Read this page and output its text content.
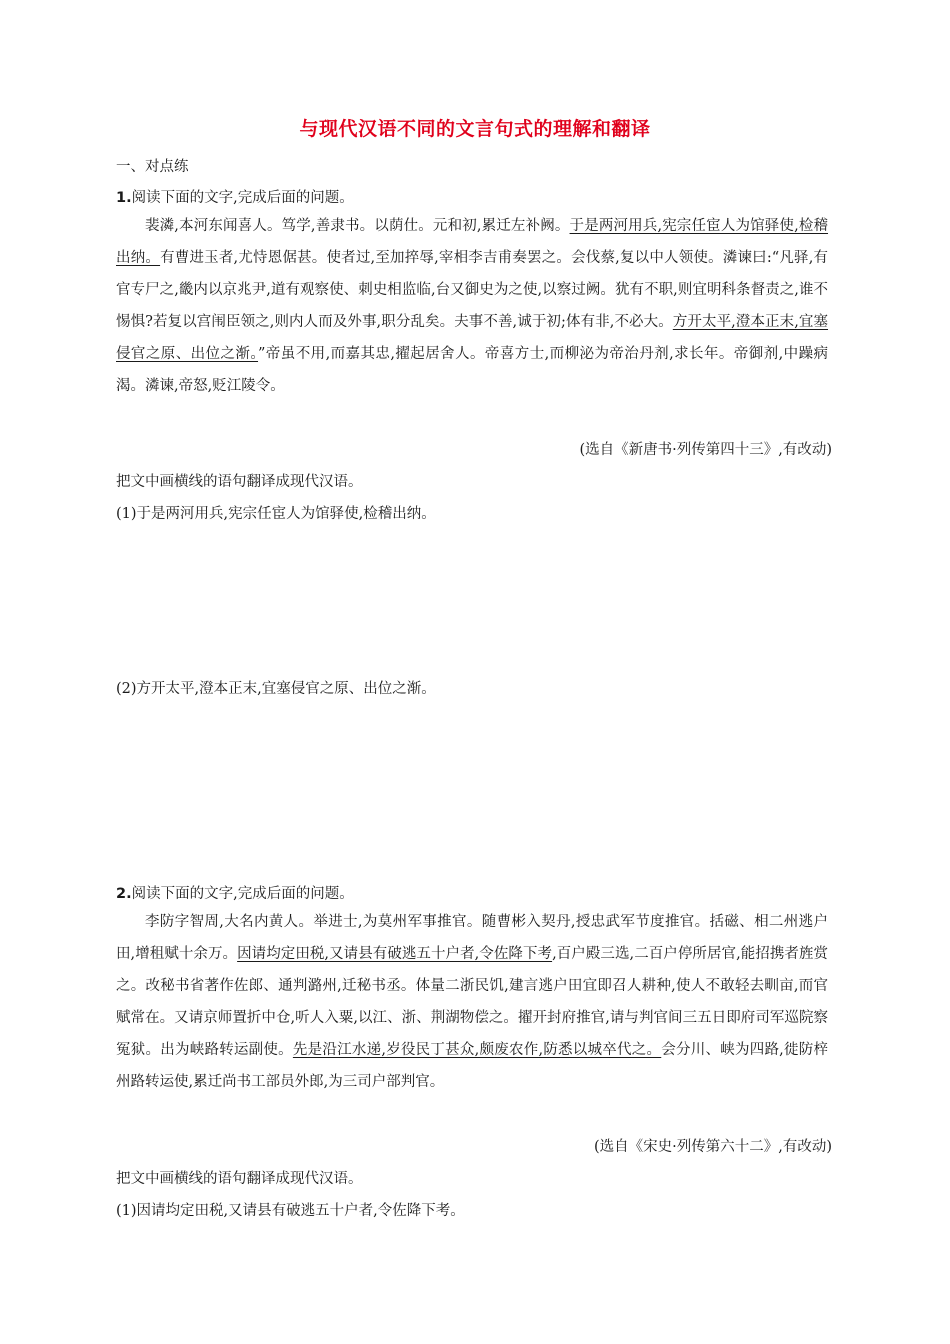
与现代汉语不同的文言句式的理解和翻译
一、对点练
1.阅读下面的文字,完成后面的问题。
裴潾,本河东闻喜人。笃学,善隶书。以荫仕。元和初,累迁左补阙。于是两河用兵,宪宗任宦人为馆驿使,检稽出纳。有曹进玉者,尤恃恩倨甚。使者过,至加捽辱,宰相李吉甫奏罢之。会伐蔡,复以中人领使。潾谏曰:“凡驿,有官专尸之,畿内以京兆尹,道有观察使、刺史相监临,台又御史为之使,以察过阙。犹有不职,则宜明科条督责之,谁不惕惧?若复以宫闱臣领之,则内人而及外事,职分乱矣。夫事不善,诚于初;体有非,不必大。方开太平,澄本正末,宜塞侵官之原、出位之渐。”帝虽不用,而嘉其忠,擢起居舍人。帝喜方士,而柳泌为帝治丹剂,求长年。帝御剂,中躁病渴。潾谏,帝怒,贬江陵令。
(选自《新唐书·列传第四十三》,有改动)
把文中画横线的语句翻译成现代汉语。
(1)于是两河用兵,宪宗任宦人为馆驿使,检稽出纳。
(2)方开太平,澄本正末,宜塞侵官之原、出位之渐。
2.阅读下面的文字,完成后面的问题。
李防字智周,大名内黄人。举进士,为莫州军事推官。随曹彬入契丹,授忠武军节度推官。括磁、相二州逃户田,增租赋十余万。因请均定田税,又请县有破逃五十户者,令佐降下考,百户殿三选,二百户停所居官,能招携者旌赏之。改秘书省著作佐郎、通判潞州,迁秘书丞。体量二浙民饥,建言逃户田宜即召人耕种,使人不敢轻去甽亩,而官赋常在。又请京师置折中仓,听人入粟,以江、浙、荆湖物偿之。擢开封府推官,请与判官间三五日即府司军巡院察冤狱。出为峡路转运副使。先是沿江水递,岁役民丁甚众,颇废农作,防悉以城卒代之。会分川、峡为四路,徙防梓州路转运使,累迁尚书工部员外郎,为三司户部判官。
(选自《宋史·列传第六十二》,有改动)
把文中画横线的语句翻译成现代汉语。
(1)因请均定田税,又请县有破逃五十户者,令佐降下考。
